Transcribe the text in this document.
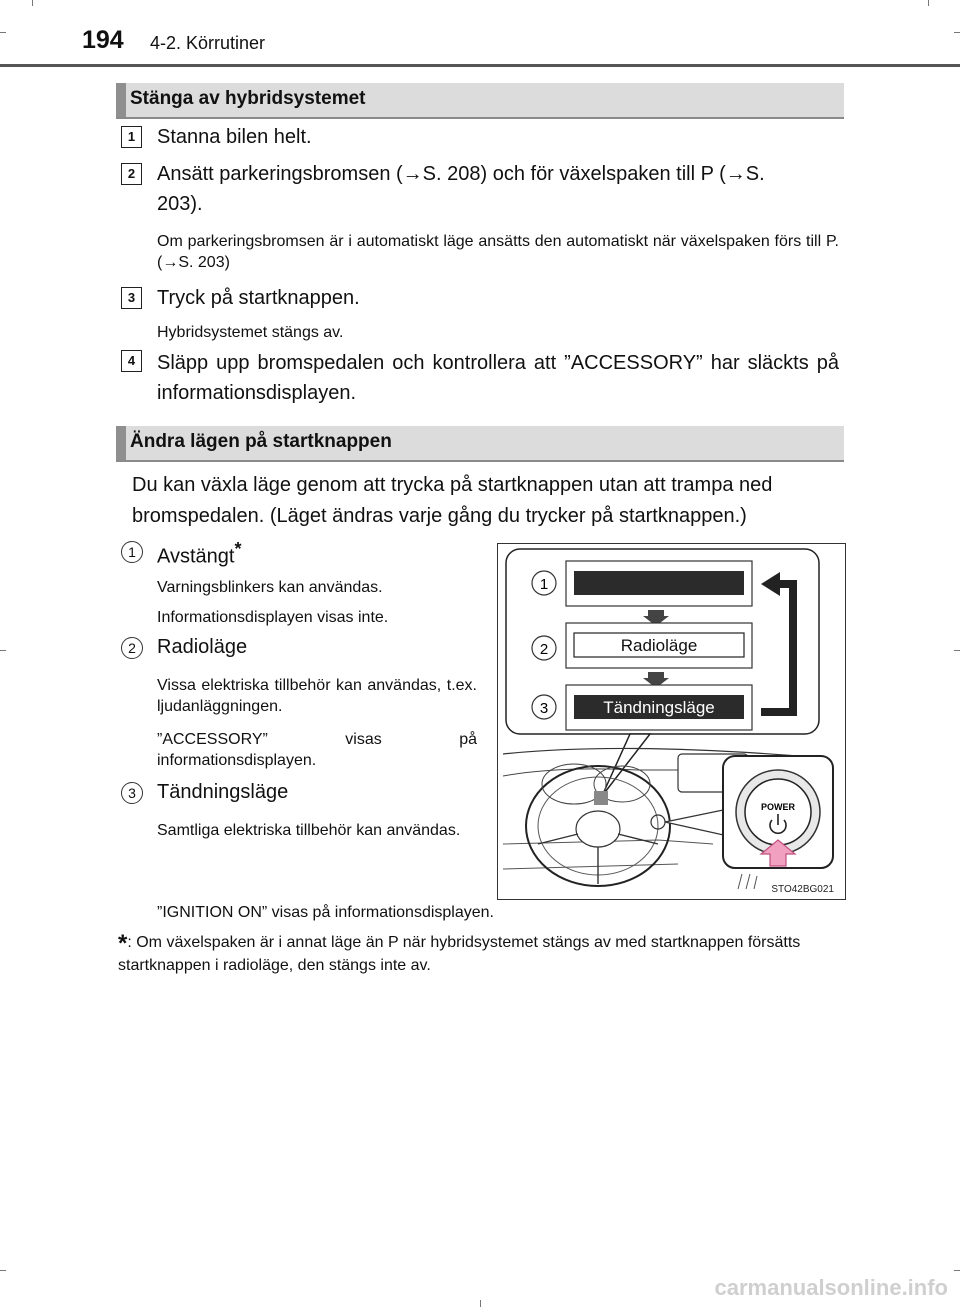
194 4-2. Körrutiner
Stänga av hybridsystemet
1	Stanna bilen helt.
2	Ansätt parkeringsbromsen (→S. 208) och för växelspaken till P (→S. 203).
Om parkeringsbromsen är i automatiskt läge ansätts den automatiskt när växelspaken förs till P. (→S. 203)
3	Tryck på startknappen.
Hybridsystemet stängs av.
4	Släpp upp bromspedalen och kontrollera att ”ACCESSORY” har släckts på informationsdisplayen.
Ändra lägen på startknappen
Du kan växla läge genom att trycka på startknappen utan att trampa ned bromspedalen. (Läget ändras varje gång du trycker på startknappen.)
1	Avstängt*
Varningsblinkers kan användas.
Informationsdisplayen visas inte.
2	Radioläge
Vissa elektriska tillbehör kan användas, t.ex. ljudanläggningen.
”ACCESSORY” visas på informationsdisplayen.
3	Tändningsläge
Samtliga elektriska tillbehör kan användas.
”IGNITION ON” visas på informationsdisplayen.
*: Om växelspaken är i annat läge än P när hybridsystemet stängs av med startknappen försätts startknappen i radioläge, den stängs inte av.
Radioläge
Tändningsläge
1
2
3
POWER
STO42BG021
carmanualsonline.info
